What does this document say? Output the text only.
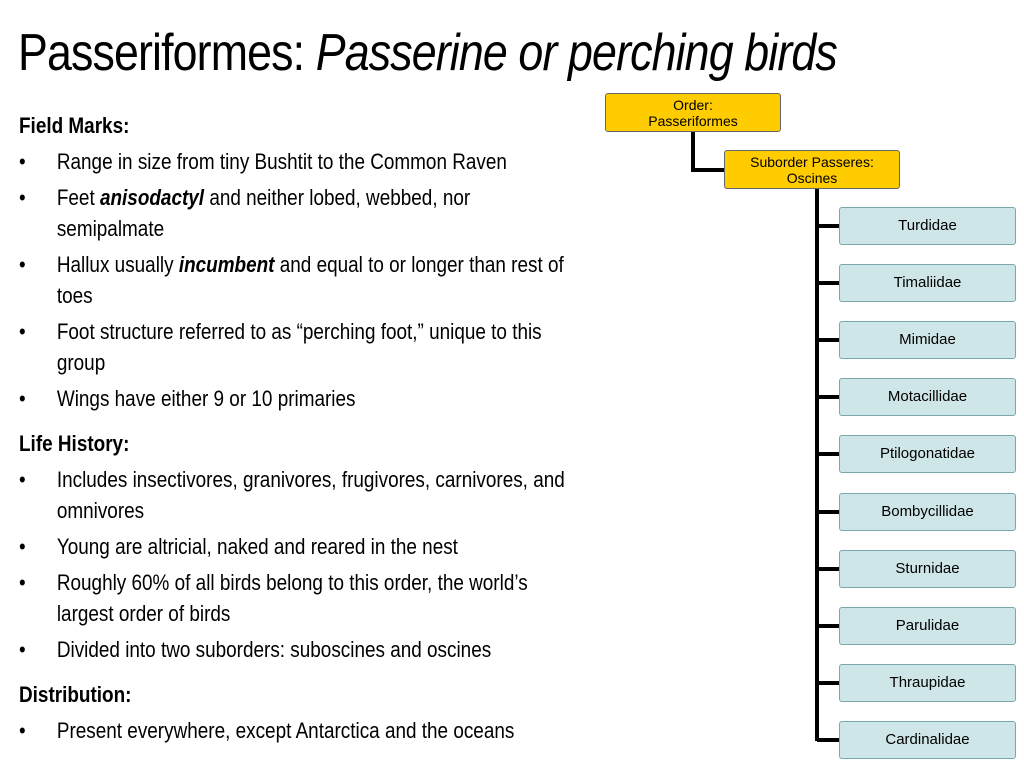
Passeriformes: Passerine or perching birds

Field Marks:

• Range in size from tiny Bushtit to the Common Raven
• Feet anisodactyl and neither lobed, webbed, nor semipalmate
• Hallux usually incumbent and equal to or longer than rest of toes
• Foot structure referred to as “perching foot,” unique to this group
• Wings have either 9 or 10 primaries

Life History:

• Includes insectivores, granivores, frugivores, carnivores, and omnivores
• Young are altricial, naked and reared in the nest
• Roughly 60% of all birds belong to this order, the world’s largest order of birds
• Divided into two suborders: suboscines and oscines

Distribution:

• Present everywhere, except Antarctica and the oceans
Order:
Passeriformes
Suborder Passeres:
Oscines
Turdidae
Timaliidae
Mimidae
Motacillidae
Ptilogonatidae
Bombycillidae
Sturnidae
Parulidae
Thraupidae
Cardinalidae
